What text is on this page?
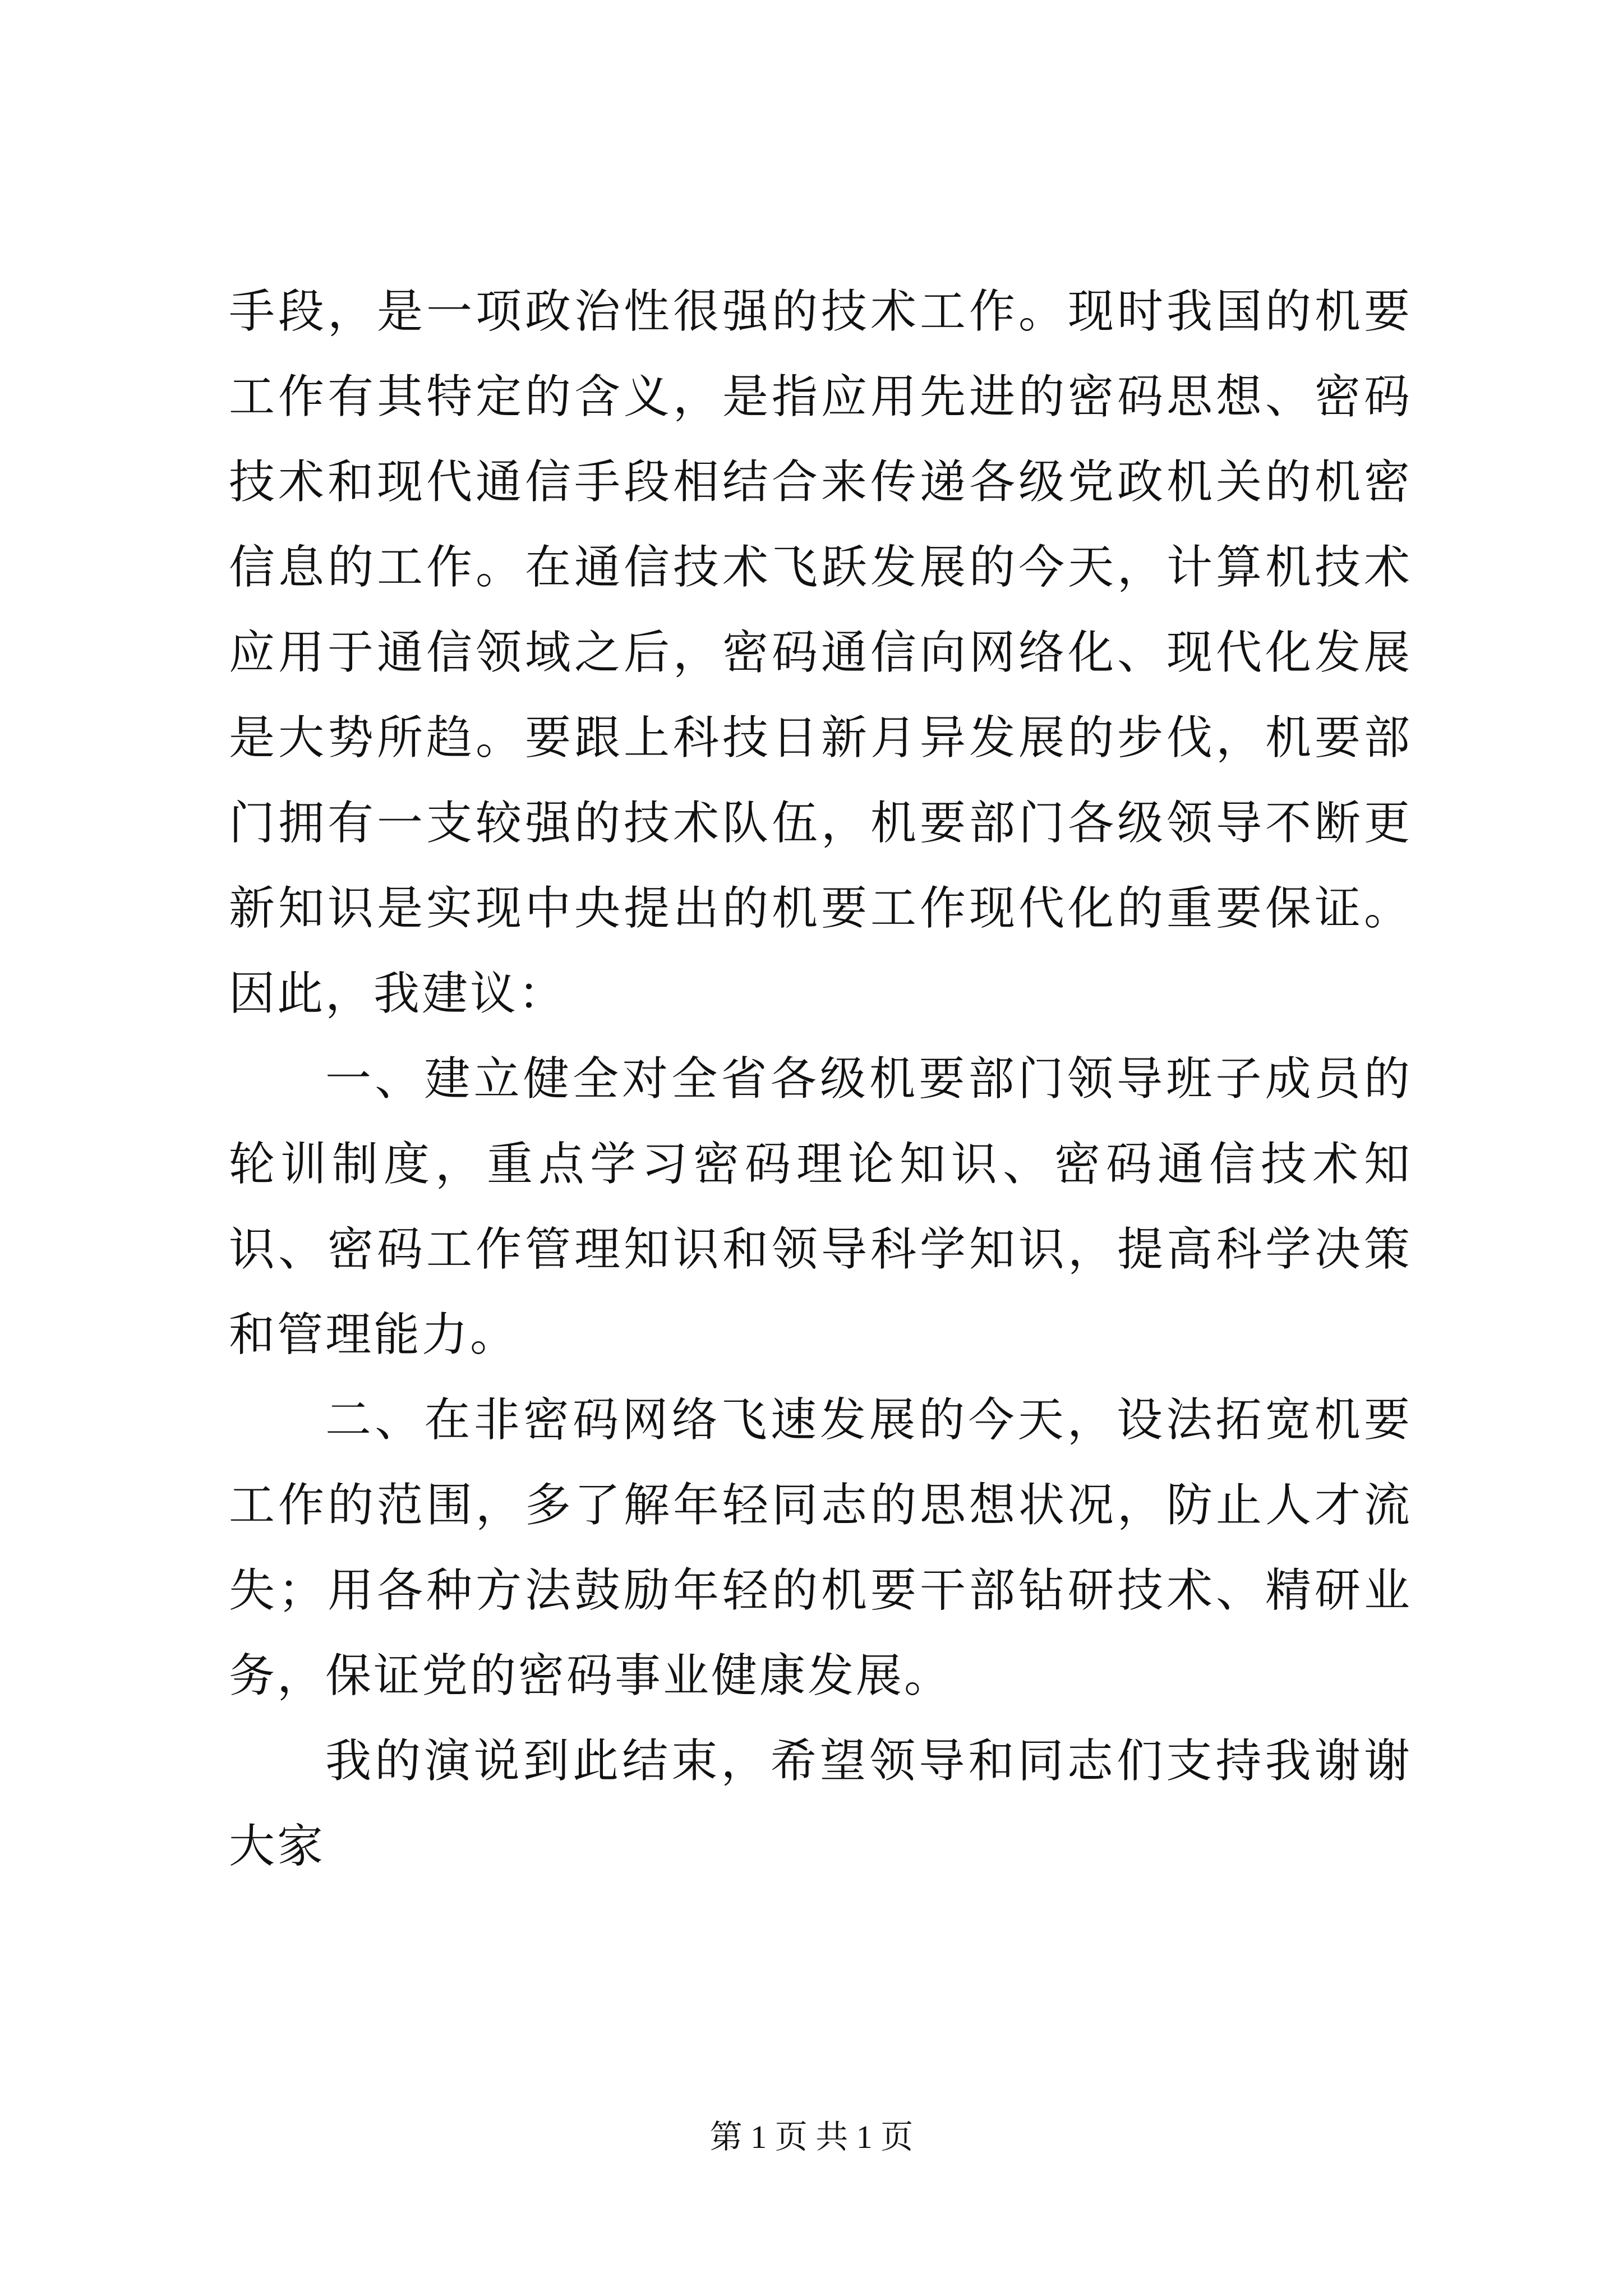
手段，是一项政治性很强的技术工作。现时我国的机要工作有其特定的含义，是指应用先进的密码思想、密码技术和现代通信手段相结合来传递各级党政机关的机密信息的工作。在通信技术飞跃发展的今天，计算机技术应用于通信领域之后，密码通信向网络化、现代化发展是大势所趋。要跟上科技日新月异发展的步伐，机要部门拥有一支较强的技术队伍，机要部门各级领导不断更新知识是实现中央提出的机要工作现代化的重要保证。因此，我建议：

一、建立健全对全省各级机要部门领导班子成员的轮训制度，重点学习密码理论知识、密码通信技术知识、密码工作管理知识和领导科学知识，提高科学决策和管理能力。

二、在非密码网络飞速发展的今天，设法拓宽机要工作的范围，多了解年轻同志的思想状况，防止人才流失；用各种方法鼓励年轻的机要干部钻研技术、精研业务，保证党的密码事业健康发展。

我的演说到此结束，希望领导和同志们支持我谢谢大家

第 1 页 共 1 页
